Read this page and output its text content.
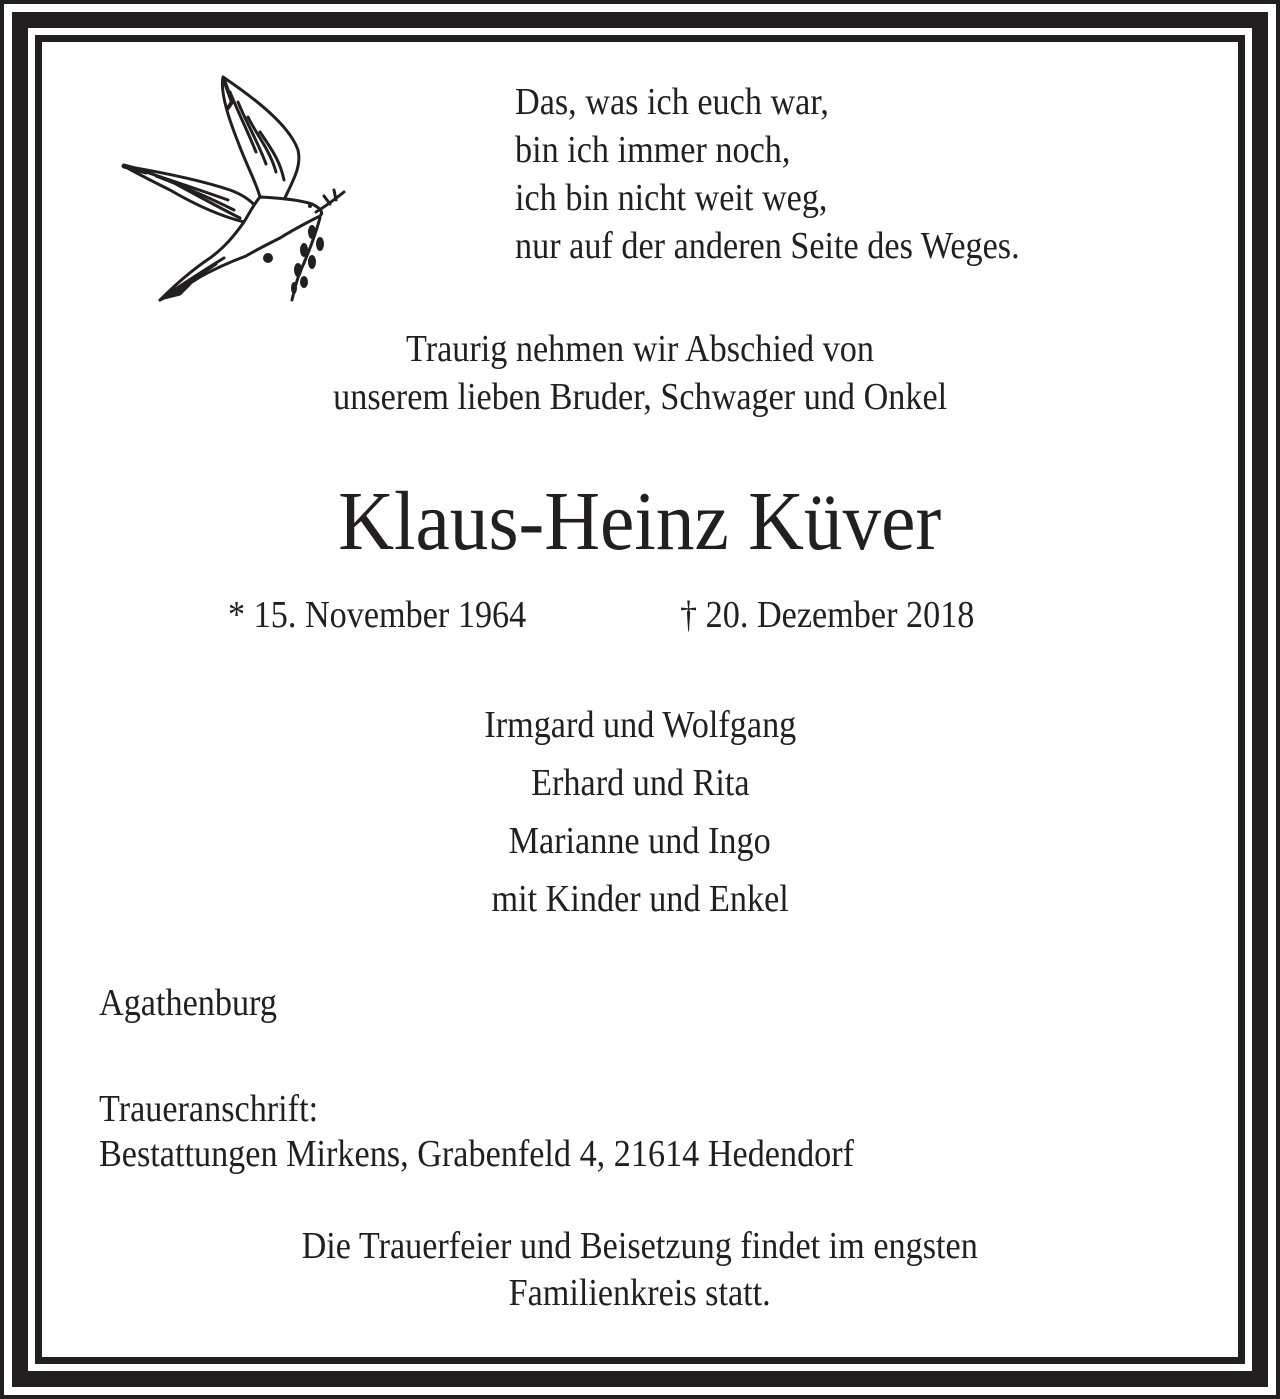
Das, was ich euch war,
bin ich immer noch,
ich bin nicht weit weg,
nur auf der anderen Seite des Weges.
Traurig nehmen wir Abschied von
unserem lieben Bruder, Schwager und Onkel
Klaus-Heinz Küver
* 15. November 1964	† 20. Dezember 2018
Irmgard und Wolfgang
Erhard und Rita
Marianne und Ingo
mit Kinder und Enkel
Agathenburg
Traueranschrift:
Bestattungen Mirkens, Grabenfeld 4, 21614 Hedendorf
Die Trauerfeier und Beisetzung findet im engsten
Familienkreis statt.
